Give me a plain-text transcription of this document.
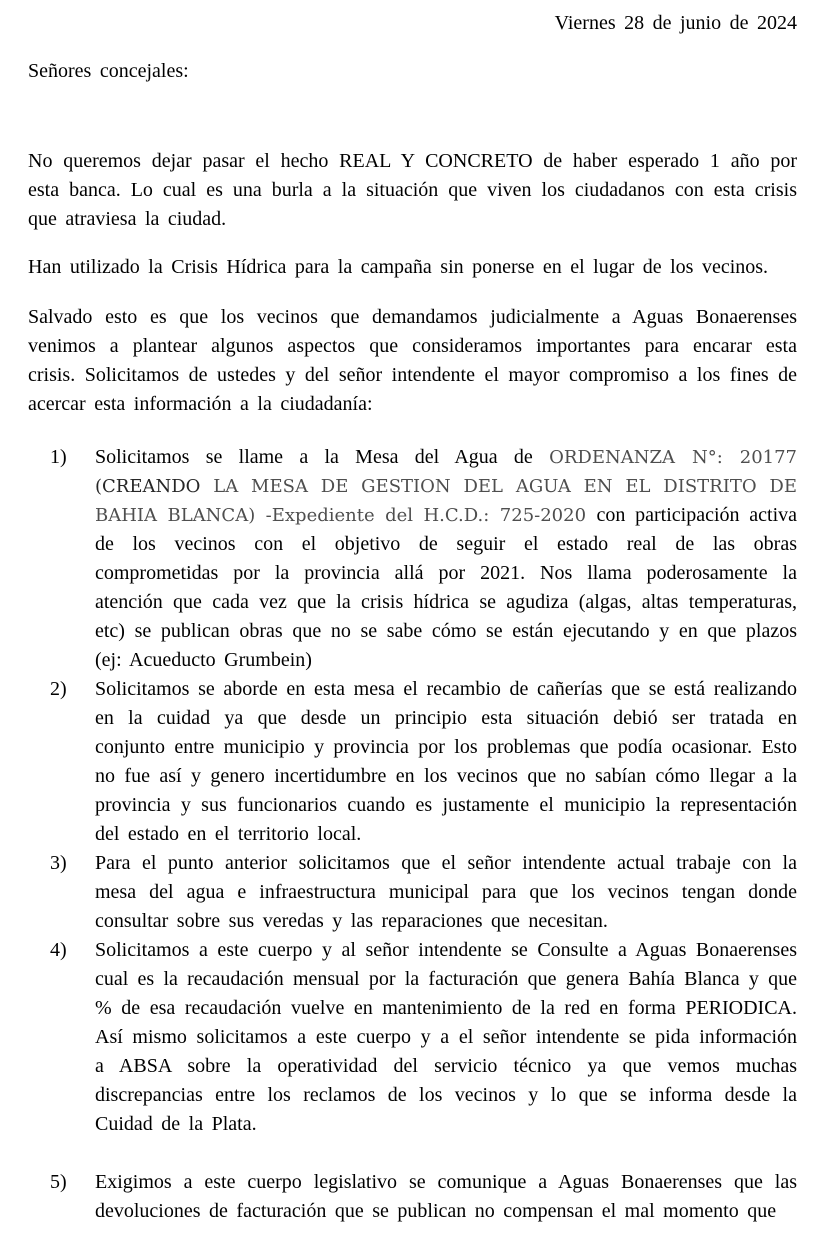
Viernes 28 de junio de 2024
Señores concejales:

No queremos dejar pasar el hecho REAL Y CONCRETO de haber esperado 1 año por esta banca. Lo cual es una burla a la situación que viven los ciudadanos con esta crisis que atraviesa la ciudad.

Han utilizado la Crisis Hídrica para la campaña sin ponerse en el lugar de los vecinos.

Salvado esto es que los vecinos que demandamos judicialmente a Aguas Bonaerenses venimos a plantear algunos aspectos que consideramos importantes para encarar esta crisis. Solicitamos de ustedes y del señor intendente el mayor compromiso a los fines de acercar esta información a la ciudadanía:

1)	Solicitamos se llame a la Mesa del Agua de ORDENANZA N°: 20177 (CREANDO LA MESA DE GESTION DEL AGUA EN EL DISTRITO DE BAHIA BLANCA) -Expediente del H.C.D.: 725-2020 con participación activa de los vecinos con el objetivo de seguir el estado real de las obras comprometidas por la provincia allá por 2021. Nos llama poderosamente la atención que cada vez que la crisis hídrica se agudiza (algas, altas temperaturas, etc) se publican obras que no se sabe cómo se están ejecutando y en que plazos (ej: Acueducto Grumbein)
2)	Solicitamos se aborde en esta mesa el recambio de cañerías que se está realizando en la cuidad ya que desde un principio esta situación debió ser tratada en conjunto entre municipio y provincia por los problemas que podía ocasionar. Esto no fue así y genero incertidumbre en los vecinos que no sabían cómo llegar a la provincia y sus funcionarios cuando es justamente el municipio la representación del estado en el territorio local.
3)	Para el punto anterior solicitamos que el señor intendente actual trabaje con la mesa del agua e infraestructura municipal para que los vecinos tengan donde consultar sobre sus veredas y las reparaciones que necesitan.
4)	Solicitamos a este cuerpo y al señor intendente se Consulte a Aguas Bonaerenses cual es la recaudación mensual por la facturación que genera Bahía Blanca y que % de esa recaudación vuelve en mantenimiento de la red en forma PERIODICA. Así mismo solicitamos a este cuerpo y a el señor intendente se pida información a ABSA sobre la operatividad del servicio técnico ya que vemos muchas discrepancias entre los reclamos de los vecinos y lo que se informa desde la Cuidad de la Plata.
5)	Exigimos a este cuerpo legislativo se comunique a Aguas Bonaerenses que las devoluciones de facturación que se publican no compensan el mal momento que
